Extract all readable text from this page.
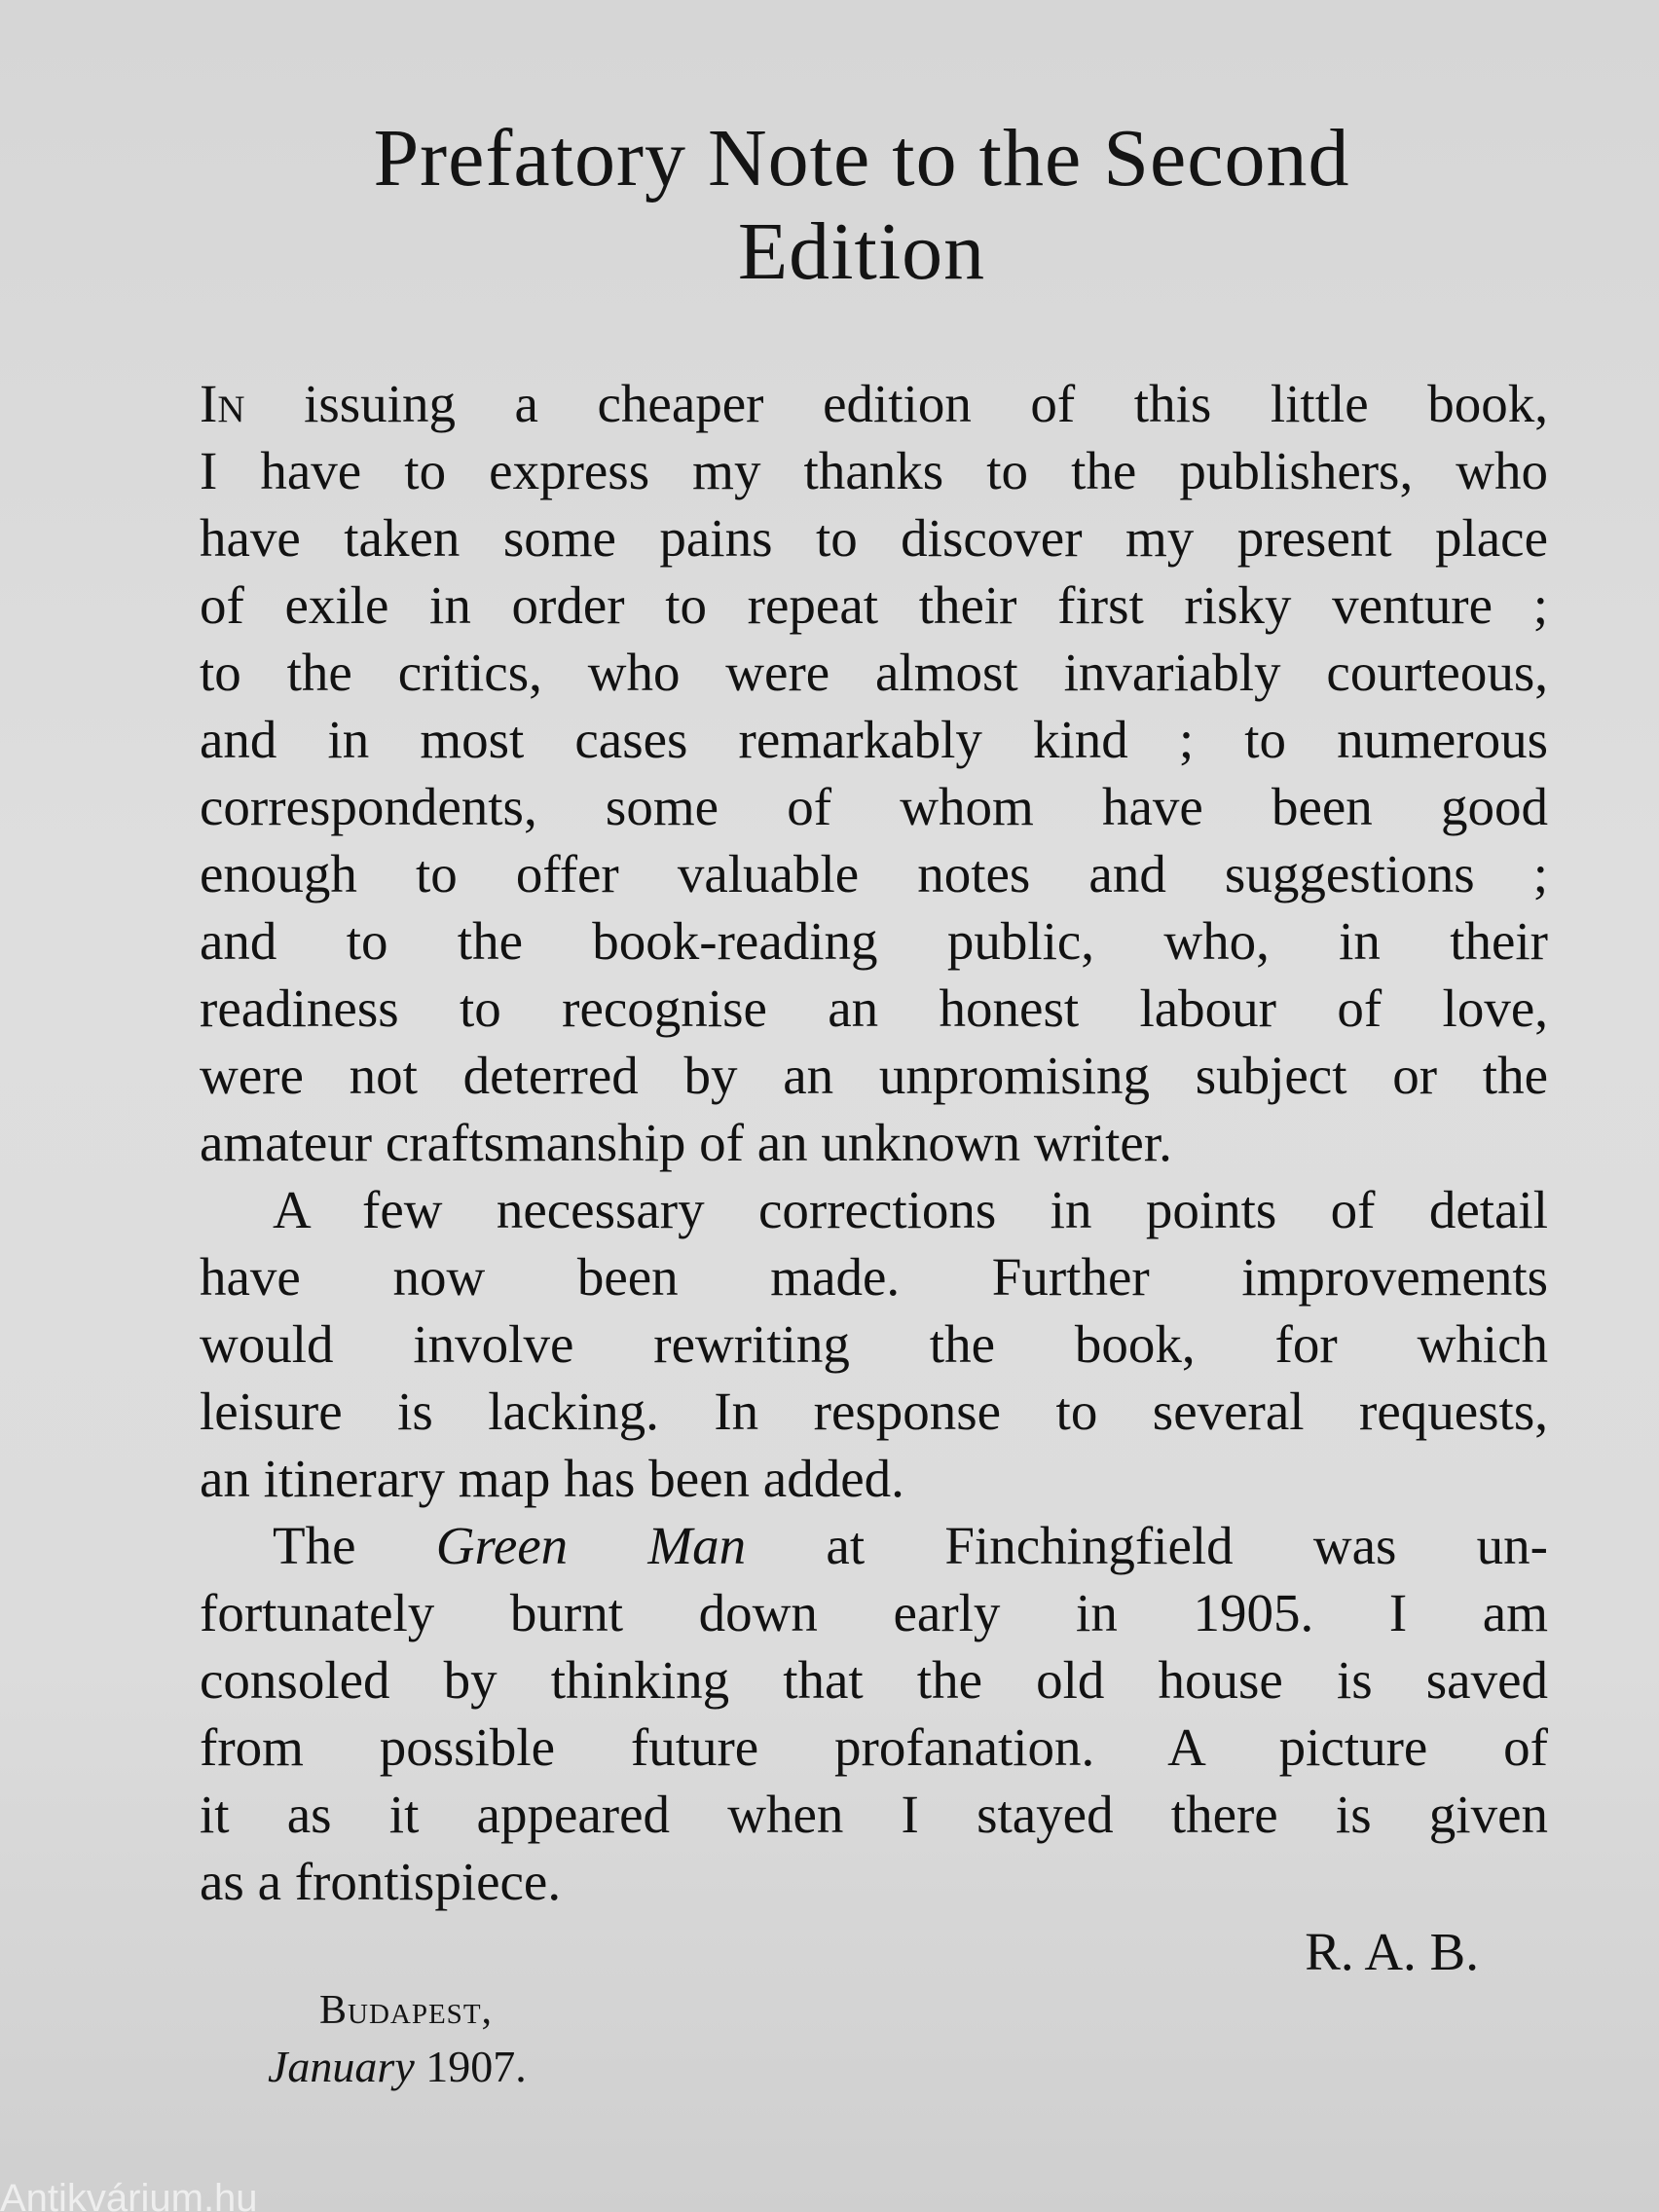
Prefatory Note to the Second
Edition
In issuing a cheaper edition of this little book,
I have to express my thanks to the publishers, who
have taken some pains to discover my present place
of exile in order to repeat their first risky venture ;
to the critics, who were almost invariably courteous,
and in most cases remarkably kind ; to numerous
correspondents, some of whom have been good
enough to offer valuable notes and suggestions ;
and to the book-reading public, who, in their
readiness to recognise an honest labour of love,
were not deterred by an unpromising subject or the
amateur craftsmanship of an unknown writer.
A few necessary corrections in points of detail
have now been made. Further improvements
would involve rewriting the book, for which
leisure is lacking. In response to several requests,
an itinerary map has been added.
The Green Man at Finchingfield was un-
fortunately burnt down early in 1905. I am
consoled by thinking that the old house is saved
from possible future profanation. A picture of
it as it appeared when I stayed there is given
as a frontispiece.
R. A. B.
Budapest,
January 1907.
Antikvárium.hu
